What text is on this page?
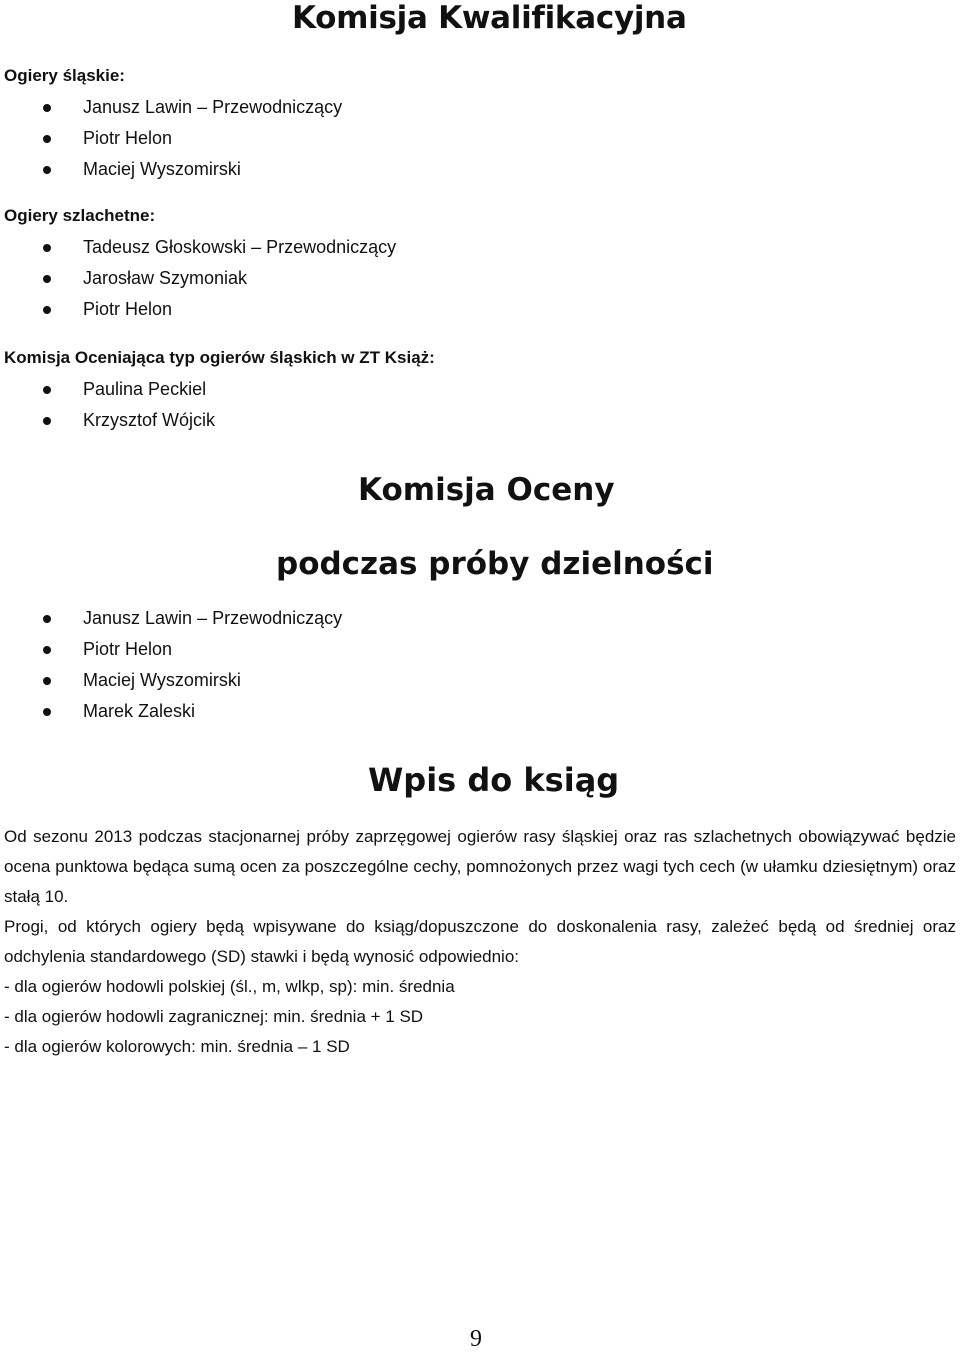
Komisja Kwalifikacyjna
Ogiery śląskie:
Janusz Lawin – Przewodniczący
Piotr Helon
Maciej Wyszomirski
Ogiery szlachetne:
Tadeusz Głoskowski – Przewodniczący
Jarosław Szymoniak
Piotr Helon
Komisja Oceniająca typ ogierów śląskich w ZT Książ:
Paulina Peckiel
Krzysztof Wójcik
Komisja Oceny
podczas próby dzielności
Janusz Lawin – Przewodniczący
Piotr Helon
Maciej Wyszomirski
Marek Zaleski
Wpis do ksiąg

Od sezonu 2013 podczas stacjonarnej próby zaprzęgowej ogierów rasy śląskiej oraz ras szlachetnych obowiązywać będzie ocena punktowa będąca sumą ocen za poszczególne cechy, pomnożonych przez wagi tych cech (w ułamku dziesiętnym) oraz stałą 10.

Progi, od których ogiery będą wpisywane do ksiąg/dopuszczone do doskonalenia rasy, zależeć będą od średniej oraz odchylenia standardowego (SD) stawki i będą wynosić odpowiednio:

- dla ogierów hodowli polskiej (śl., m, wlkp, sp): min. średnia
- dla ogierów hodowli zagranicznej: min. średnia + 1 SD
- dla ogierów kolorowych: min. średnia – 1 SD
9
